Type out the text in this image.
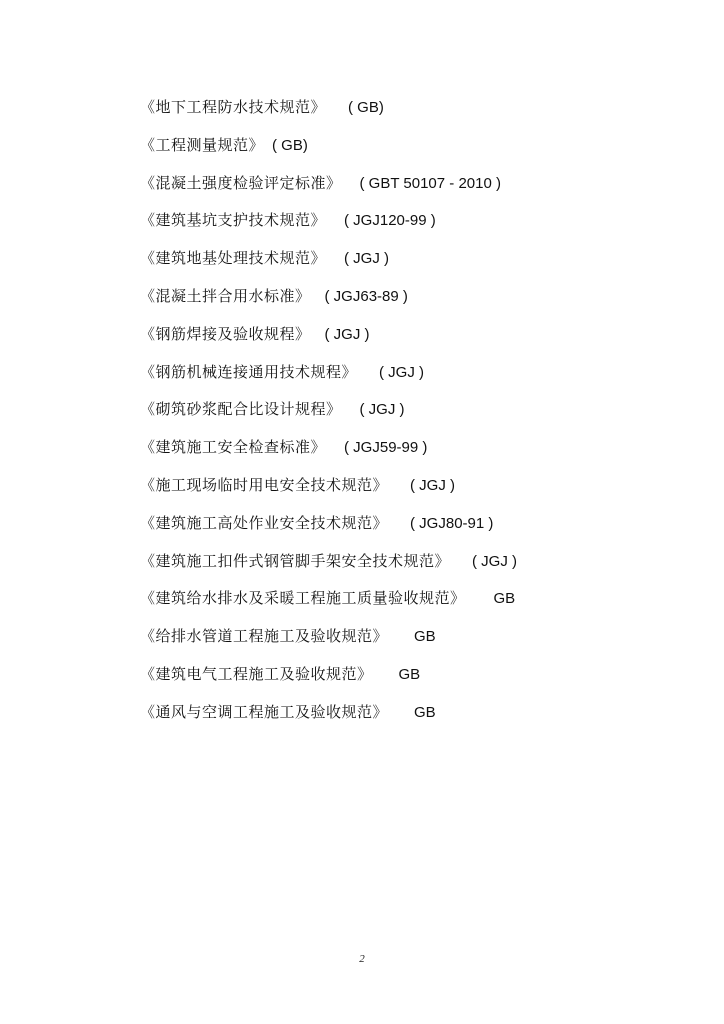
《地下工程防水技术规范》 ( GB)
《工程测量规范》 ( GB)
《混凝土强度检验评定标准》 ( GBT 50107 - 2010 )
《建筑基坑支护技术规范》 ( JGJ120-99 )
《建筑地基处理技术规范》 ( JGJ )
《混凝土拌合用水标准》 ( JGJ63-89 )
《钢筋焊接及验收规程》 ( JGJ )
《钢筋机械连接通用技术规程》 ( JGJ )
《砌筑砂浆配合比设计规程》 ( JGJ )
《建筑施工安全检查标准》 ( JGJ59-99 )
《施工现场临时用电安全技术规范》 ( JGJ )
《建筑施工高处作业安全技术规范》 ( JGJ80-91 )
《建筑施工扣件式钢管脚手架安全技术规范》 ( JGJ )
《建筑给水排水及采暖工程施工质量验收规范》 GB
《给排水管道工程施工及验收规范》 GB
《建筑电气工程施工及验收规范》 GB
《通风与空调工程施工及验收规范》 GB
2
